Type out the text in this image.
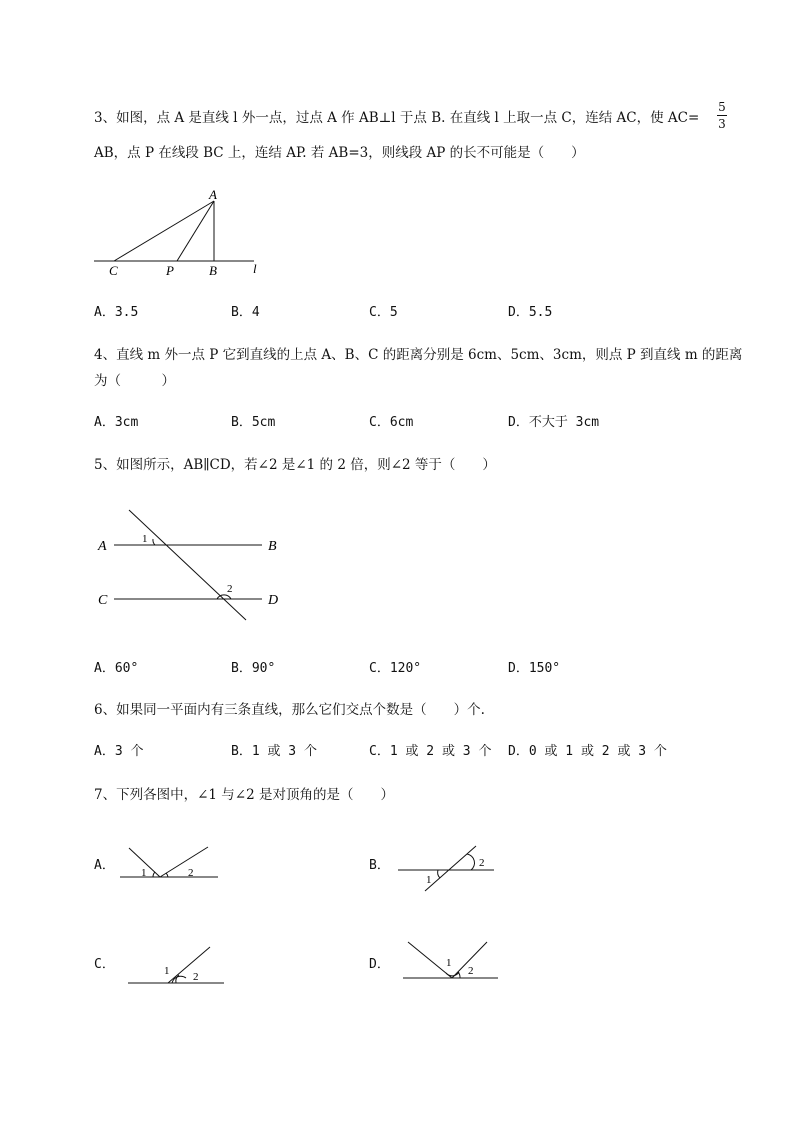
3、如图，点 A 是直线 l 外一点，过点 A 作 AB⊥l 于点 B. 在直线 l 上取一点 C，连结 AC，使 AC=
5
3
AB，点 P 在线段 BC 上，连结 AP. 若 AB=3，则线段 AP 的长不可能是（　　）
A
C	P	B	l
A．3.5	B．4	C．5	D．5.5
4、直线 m 外一点 P 它到直线的上点 A、B、C 的距离分别是 6cm、5cm、3cm，则点 P 到直线 m 的距离
为（　　　）
A．3cm	B．5cm	C．6cm	D．不大于 3cm
5、如图所示，AB∥CD，若∠2 是∠1 的 2 倍，则∠2 等于（　　）
A	B
C	D
1
2
A．60°	B．90°	C．120°	D．150°
6、如果同一平面内有三条直线，那么它们交点个数是（　　）个.
A．3 个	B．1 或 3 个	C．1 或 2 或 3 个 D．0 或 1 或 2 或 3 个
7、下列各图中，∠1 与∠2 是对顶角的是（　　）
A．	B．
C．	D．
1	2
2
1
1 2
1
2
